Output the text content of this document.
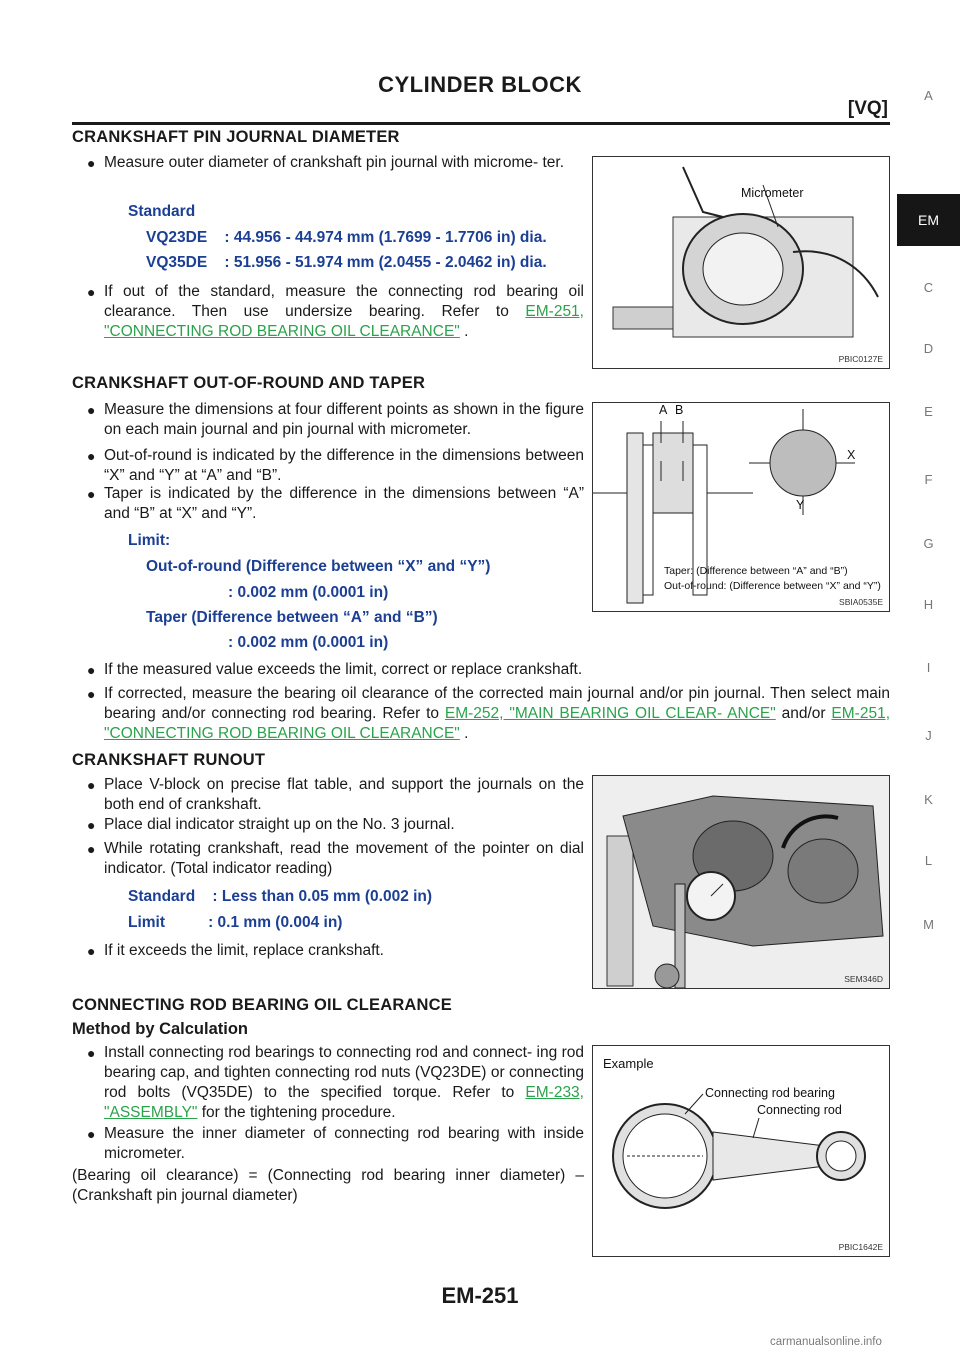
CYLINDER BLOCK
[VQ]
A
EM
C
D
E
F
G
H
I
J
K
L
M
CRANKSHAFT PIN JOURNAL DIAMETER
● Measure outer diameter of crankshaft pin journal with microme- ter.
Standard
VQ23DE    : 44.956 - 44.974 mm (1.7699 - 1.7706 in) dia.
VQ35DE    : 51.956 - 51.974 mm (2.0455 - 2.0462 in) dia.
● If out of the standard, measure the connecting rod bearing oil clearance. Then use undersize bearing. Refer to EM-251, "CONNECTING ROD BEARING OIL CLEARANCE" .
Micrometer
PBIC0127E
CRANKSHAFT OUT-OF-ROUND AND TAPER
● Measure the dimensions at four different points as shown in the figure on each main journal and pin journal with micrometer.
● Out-of-round is indicated by the difference in the dimensions between “X” and “Y” at “A” and “B”.
● Taper is indicated by the difference in the dimensions between “A” and “B” at “X” and “Y”.
Limit:
Out-of-round (Difference between “X” and “Y”)
: 0.002 mm (0.0001 in)
Taper (Difference between “A” and “B”)
: 0.002 mm (0.0001 in)
A B
X
Y
Taper: (Difference between “A” and “B”)
Out-of-round: (Difference between “X” and “Y”)
SBIA0535E
● If the measured value exceeds the limit, correct or replace crankshaft.
● If corrected, measure the bearing oil clearance of the corrected main journal and/or pin journal. Then select main bearing and/or connecting rod bearing. Refer to EM-252, "MAIN BEARING OIL CLEAR- ANCE" and/or EM-251, "CONNECTING ROD BEARING OIL CLEARANCE" .
CRANKSHAFT RUNOUT
● Place V-block on precise flat table, and support the journals on the both end of crankshaft.
● Place dial indicator straight up on the No. 3 journal.
● While rotating crankshaft, read the movement of the pointer on dial indicator. (Total indicator reading)
Standard    : Less than 0.05 mm (0.002 in)
Limit          : 0.1 mm (0.004 in)
● If it exceeds the limit, replace crankshaft.
SEM346D
CONNECTING ROD BEARING OIL CLEARANCE
Method by Calculation
● Install connecting rod bearings to connecting rod and connect- ing rod bearing cap, and tighten connecting rod nuts (VQ23DE) or connecting rod bolts (VQ35DE) to the specified torque. Refer to EM-233, "ASSEMBLY" for the tightening procedure.
● Measure the inner diameter of connecting rod bearing with inside micrometer.
(Bearing oil clearance) = (Connecting rod bearing inner diameter) – (Crankshaft pin journal diameter)
Example
Connecting rod bearing
Connecting rod
PBIC1642E
EM-251
carmanualsonline.info
